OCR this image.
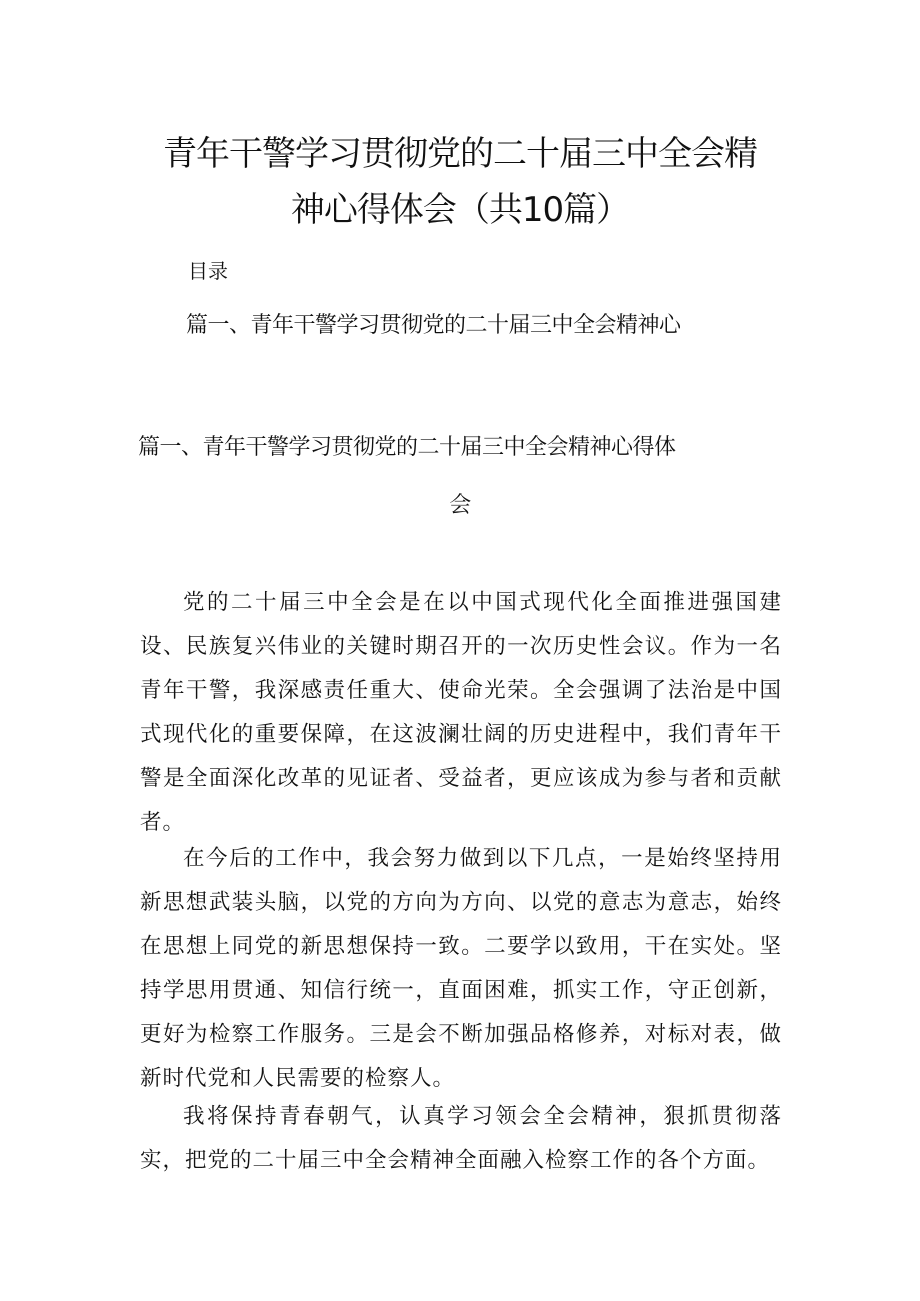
青年干警学习贯彻党的二十届三中全会精
神心得体会（共10篇）
目录
篇一、青年干警学习贯彻党的二十届三中全会精神心
篇一、青年干警学习贯彻党的二十届三中全会精神心得体
会

党的二十届三中全会是在以中国式现代化全面推进强国建设、民族复兴伟业的关键时期召开的一次历史性会议。作为一名青年干警，我深感责任重大、使命光荣。全会强调了法治是中国式现代化的重要保障，在这波澜壮阔的历史进程中，我们青年干警是全面深化改革的见证者、受益者，更应该成为参与者和贡献者。

在今后的工作中，我会努力做到以下几点，一是始终坚持用新思想武装头脑，以党的方向为方向、以党的意志为意志，始终在思想上同党的新思想保持一致。二要学以致用，干在实处。坚持学思用贯通、知信行统一，直面困难，抓实工作，守正创新，更好为检察工作服务。三是会不断加强品格修养，对标对表，做新时代党和人民需要的检察人。

我将保持青春朝气，认真学习领会全会精神，狠抓贯彻落实，把党的二十届三中全会精神全面融入检察工作的各个方面。
